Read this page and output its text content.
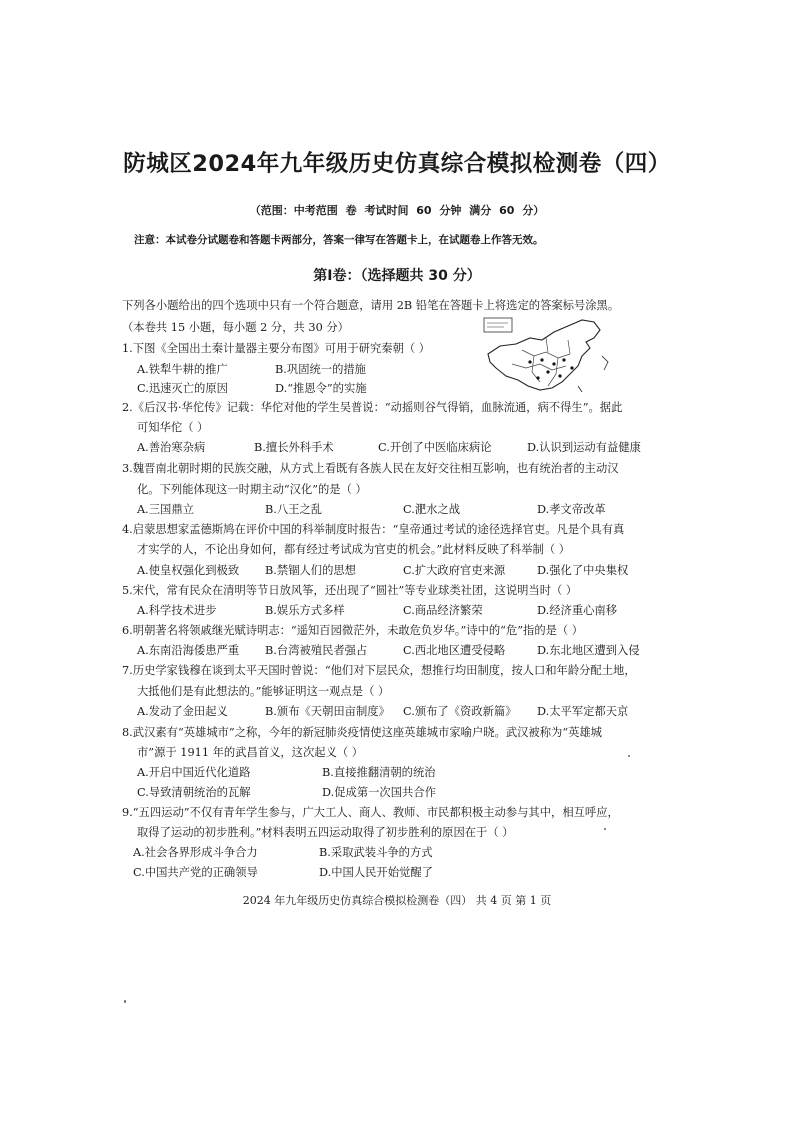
防城区2024年九年级历史仿真综合模拟检测卷（四）
（范围：中考范围 卷 考试时间 60 分钟 满分 60 分）
注意：本试卷分试题卷和答题卡两部分，答案一律写在答题卡上，在试题卷上作答无效。
第Ⅰ卷：（选择题共 30 分）
下列各小题给出的四个选项中只有一个符合题意，请用 2B 铅笔在答题卡上将选定的答案标号涂黑。
（本卷共 15 小题，每小题 2 分，共 30 分）
1.下图《全国出土秦计量器主要分布图》可用于研究秦朝（ ）
A.铁犁牛耕的推广	B.巩固统一的措施
C.迅速灭亡的原因	D.“推恩令”的实施
2.《后汉书·华佗传》记载：华佗对他的学生吴普说：“动摇则谷气得销，血脉流通，病不得生”。据此
可知华佗（ ）
A.善治寒杂病	B.擅长外科手术	C.开创了中医临床病论	D.认识到运动有益健康
3.魏晋南北朝时期的民族交融，从方式上看既有各族人民在友好交往相互影响，也有统治者的主动汉
化。下列能体现这一时期主动“汉化”的是（ ）
A.三国鼎立	B.八王之乱	C.淝水之战	D.孝文帝改革
4.启蒙思想家孟德斯鸠在评价中国的科举制度时报告：“皇帝通过考试的途径选择官吏。凡是个具有真
才实学的人，不论出身如何，都有经过考试成为官吏的机会。”此材料反映了科举制（ ）
A.使皇权强化到极致 B.禁锢人们的思想	C.扩大政府官吏来源	D.强化了中央集权
5.宋代，常有民众在清明等节日放风筝，还出现了“圆社”等专业球类社团，这说明当时（ ）
A.科学技术进步	B.娱乐方式多样	C.商品经济繁荣	D.经济重心南移
6.明朝著名将领戚继光赋诗明志：“遥知百园微茫外，未敢危负岁华。”诗中的“危”指的是（ ）
A.东南沿海倭患严重 B.台湾被殖民者强占	C.西北地区遭受侵略	D.东北地区遭到入侵
7.历史学家钱穆在谈到太平天国时曾说：“他们对下层民众，想推行均田制度，按人口和年龄分配土地，
大抵他们是有此想法的。”能够证明这一观点是（ ）
A.发动了金田起义	B.颁布《天朝田亩制度》 C.颁布了《资政新篇》 D.太平军定都天京
8.武汉素有“英雄城市”之称，今年的新冠肺炎疫情使这座英雄城市家喻户晓。武汉被称为“英雄城
市”源于 1911 年的武昌首义，这次起义（ ）
A.开启中国近代化道路	B.直接推翻清朝的统治
C.导致清朝统治的瓦解	D.促成第一次国共合作
9.“五四运动”不仅有青年学生参与，广大工人、商人、教师、市民都积极主动参与其中，相互呼应，
取得了运动的初步胜利。”材料表明五四运动取得了初步胜利的原因在于（ ）
A.社会各界形成斗争合力	B.采取武装斗争的方式
C.中国共产党的正确领导	D.中国人民开始觉醒了
2024 年九年级历史仿真综合模拟检测卷（四） 共 4 页 第 1 页
